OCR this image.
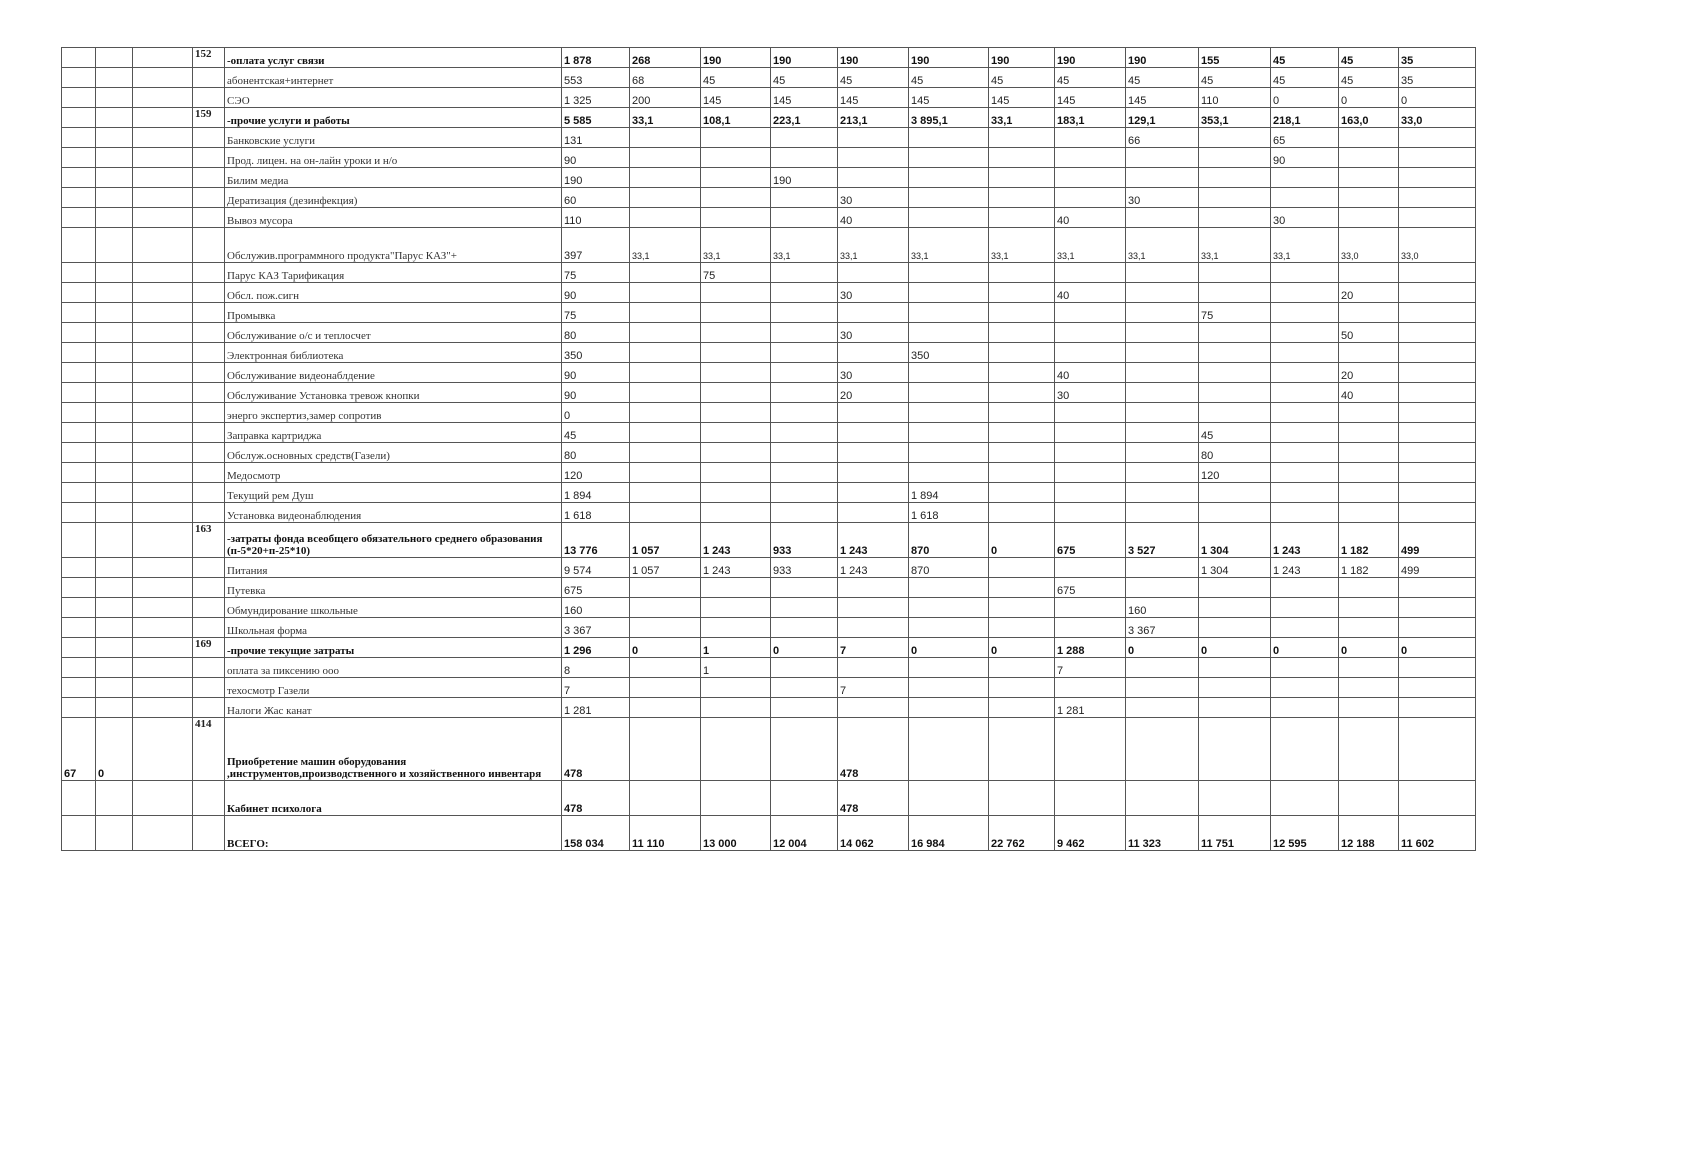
			152	-оплата услуг связи	1 878	268	190	190	190	190	190	190	190	155	45	45	35
				абонентская+интернет	553	68	45	45	45	45	45	45	45	45	45	45	35
				СЭО	1 325	200	145	145	145	145	145	145	145	110	0	0	0
			159	-прочие услуги и работы	5 585	33,1	108,1	223,1	213,1	3 895,1	33,1	183,1	129,1	353,1	218,1	163,0	33,0
				Банковские услуги	131								66		65		
				Прод. лицен. на он-лайн уроки и н/о	90										90		
				Билим медиа	190			190									
				Дератизация (дезинфекция)	60				30				30				
				Вывоз мусора	110				40			40			30		
				Обслужив.программного продукта"Парус КАЗ"+	397	33,1	33,1	33,1	33,1	33,1	33,1	33,1	33,1	33,1	33,1	33,0	33,0
				Парус КАЗ Тарификация	75		75										
				Обсл. пож.сигн	90				30			40				20	
				Промывка	75									75			
				Обслуживание о/с и теплосчет	80				30							50	
				Электронная библиотека	350					350							
				Обслуживание видеонаблдение	90				30			40				20	
				Обслуживание Установка тревож кнопки	90				20			30				40	
				энерго экспертиз,замер сопротив	0												
				Заправка картриджа	45									45			
				Обслуж.основных средств(Газели)	80									80			
				Медосмотр	120									120			
				Текущий рем Душ	1 894					1 894							
				Установка видеонаблюдения	1 618					1 618							
			163	-затраты фонда всеобщего обязательного среднего образования (п-5*20+п-25*10)	13 776	1 057	1 243	933	1 243	870	0	675	3 527	1 304	1 243	1 182	499
				Питания	9 574	1 057	1 243	933	1 243	870				1 304	1 243	1 182	499
				Путевка	675							675					
				Обмундирование школьные	160								160				
				Школьная форма	3 367								3 367				
			169	-прочие текущие затраты	1 296	0	1	0	7	0	0	1 288	0	0	0	0	0
				оплата за пиксению ооо	8		1					7					
				техосмотр Газели	7				7								
				Налоги Жас канат	1 281							1 281					
67	0		414	Приобретение машин оборудования ,инструментов,производственного и хозяйственного инвентаря	478				478								
				Кабинет психолога	478				478								
				ВСЕГО:	158 034	11 110	13 000	12 004	14 062	16 984	22 762	9 462	11 323	11 751	12 595	12 188	11 602
